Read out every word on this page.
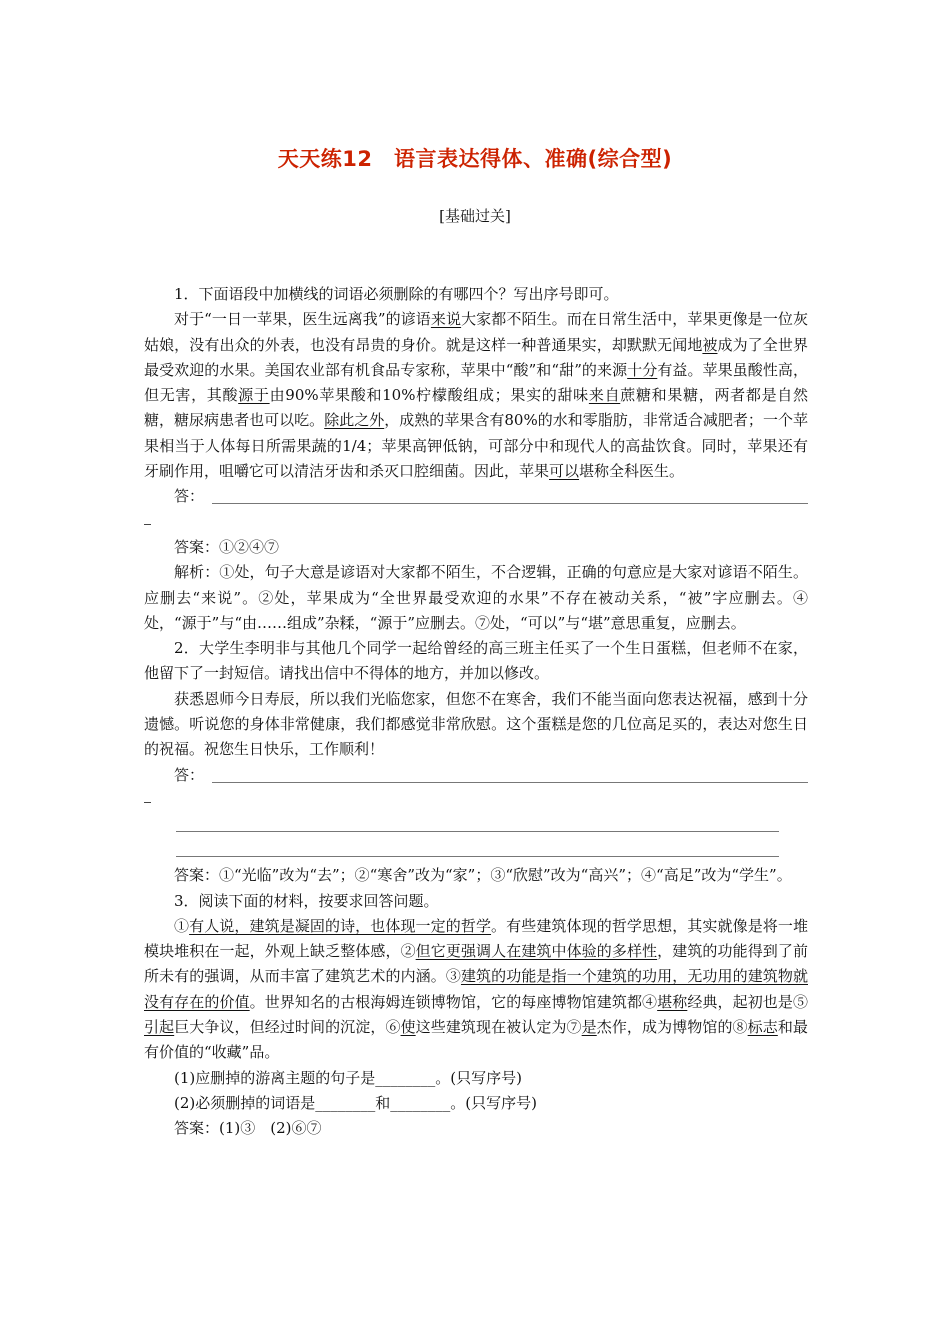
天天练12　语言表达得体、准确(综合型)
[基础过关]

1．下面语段中加横线的词语必须删除的有哪四个？写出序号即可。

对于“一日一苹果，医生远离我”的谚语来说大家都不陌生。而在日常生活中，苹果更像是一位灰姑娘，没有出众的外表，也没有昂贵的身价。就是这样一种普通果实，却默默无闻地被成为了全世界最受欢迎的水果。美国农业部有机食品专家称，苹果中“酸”和“甜”的来源十分有益。苹果虽酸性高，但无害，其酸源于由90%苹果酸和10%柠檬酸组成；果实的甜味来自蔗糖和果糖，两者都是自然糖，糖尿病患者也可以吃。除此之外，成熟的苹果含有80%的水和零脂肪，非常适合减肥者；一个苹果相当于人体每日所需果蔬的1/4；苹果高钾低钠，可部分中和现代人的高盐饮食。同时，苹果还有牙刷作用，咀嚼它可以清洁牙齿和杀灭口腔细菌。因此，苹果可以堪称全科医生。

答：

答案：①②④⑦

解析：①处，句子大意是谚语对大家都不陌生，不合逻辑，正确的句意应是大家对谚语不陌生。应删去“来说”。②处，苹果成为“全世界最受欢迎的水果”不存在被动关系，“被”字应删去。④处，“源于”与“由……组成”杂糅，“源于”应删去。⑦处，“可以”与“堪”意思重复，应删去。

2．大学生李明非与其他几个同学一起给曾经的高三班主任买了一个生日蛋糕，但老师不在家，他留下了一封短信。请找出信中不得体的地方，并加以修改。

获悉恩师今日寿辰，所以我们光临您家，但您不在寒舍，我们不能当面向您表达祝福，感到十分遗憾。听说您的身体非常健康，我们都感觉非常欣慰。这个蛋糕是您的几位高足买的，表达对您生日的祝福。祝您生日快乐，工作顺利！

答：

答案：①“光临”改为“去”；②“寒舍”改为“家”；③“欣慰”改为“高兴”；④“高足”改为“学生”。

3．阅读下面的材料，按要求回答问题。

①有人说，建筑是凝固的诗，也体现一定的哲学。有些建筑体现的哲学思想，其实就像是将一堆模块堆积在一起，外观上缺乏整体感，②但它更强调人在建筑中体验的多样性，建筑的功能得到了前所未有的强调，从而丰富了建筑艺术的内涵。③建筑的功能是指一个建筑的功用，无功用的建筑物就没有存在的价值。世界知名的古根海姆连锁博物馆，它的每座博物馆建筑都④堪称经典，起初也是⑤引起巨大争议，但经过时间的沉淀，⑥使这些建筑现在被认定为⑦是杰作，成为博物馆的⑧标志和最有价值的“收藏”品。

(1)应删掉的游离主题的句子是________。(只写序号)

(2)必须删掉的词语是________和________。(只写序号)

答案：(1)③　(2)⑥⑦
